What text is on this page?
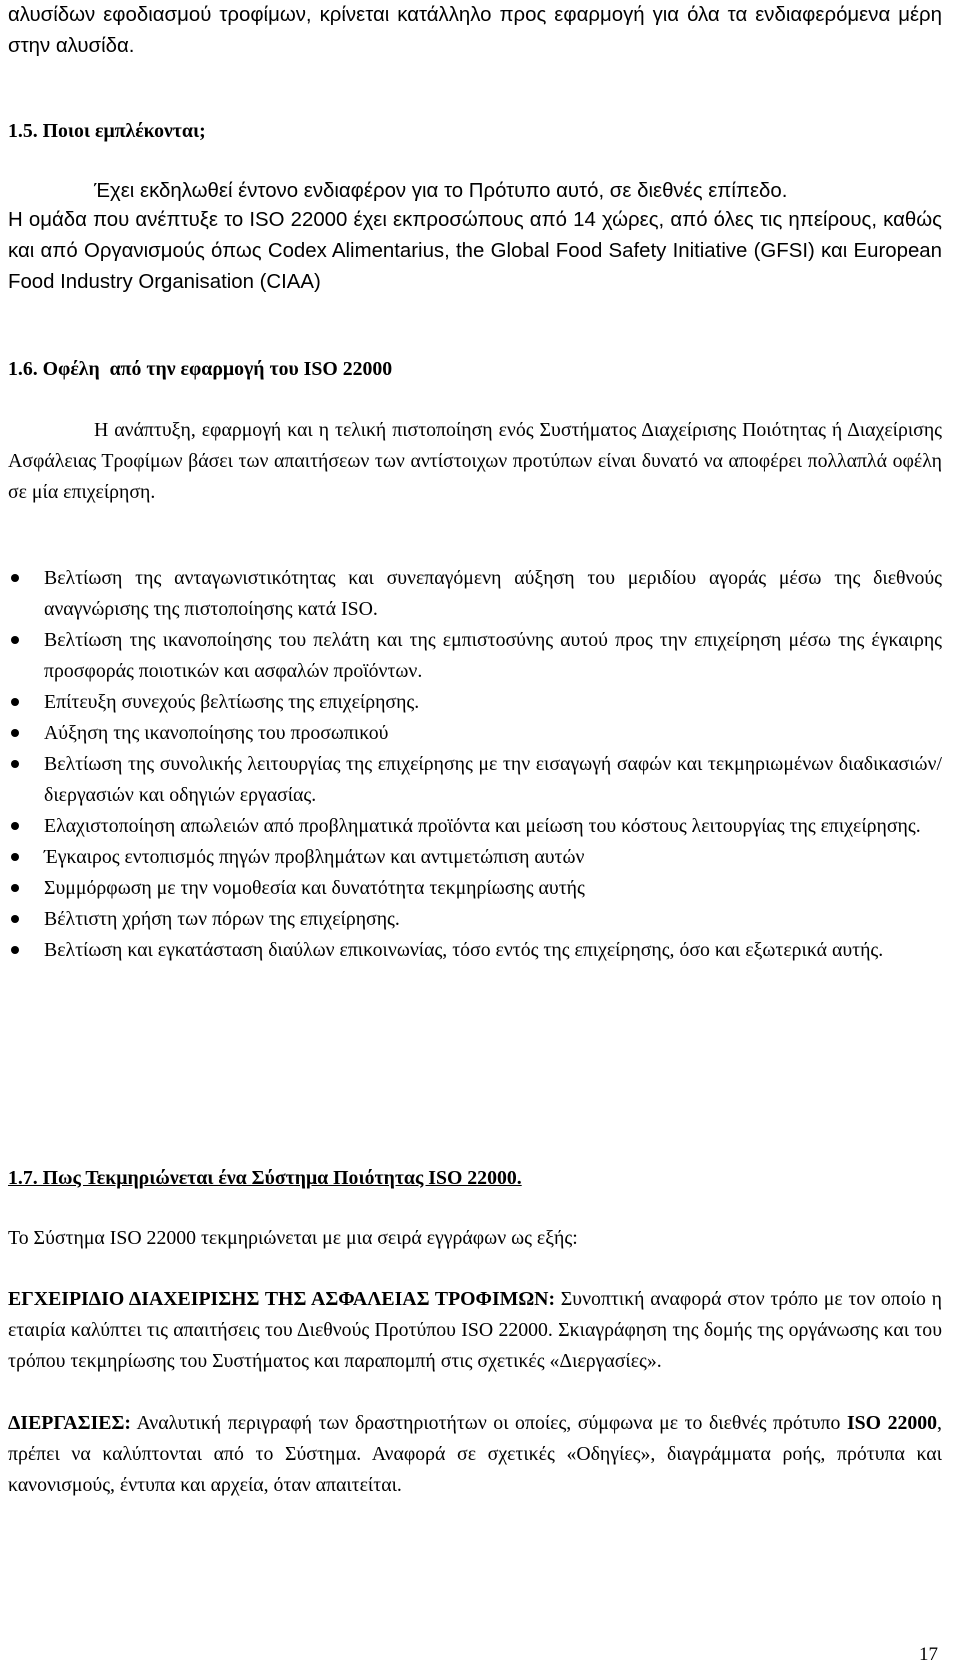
αλυσίδων εφοδιασμού τροφίμων, κρίνεται κατάλληλο προς εφαρμογή για όλα τα ενδιαφερόμενα μέρη στην αλυσίδα.

1.5. Ποιοι εμπλέκονται;

Έχει εκδηλωθεί έντονο ενδιαφέρον για το Πρότυπο αυτό, σε διεθνές επίπεδο.

Η ομάδα που ανέπτυξε το ISO 22000 έχει εκπροσώπους από 14 χώρες, από όλες τις ηπείρους, καθώς και από Οργανισμούς όπως Codex Alimentarius, the Global Food Safety Initiative (GFSI) και European Food Industry Organisation (CIAA)

1.6. Οφέλη  από την εφαρμογή του ISO 22000

Η ανάπτυξη, εφαρμογή και η τελική πιστοποίηση ενός Συστήματος Διαχείρισης Ποιότητας ή Διαχείρισης Ασφάλειας Τροφίμων βάσει των απαιτήσεων των αντίστοιχων προτύπων είναι δυνατό να αποφέρει πολλαπλά οφέλη σε μία επιχείρηση.

Βελτίωση της ανταγωνιστικότητας και συνεπαγόμενη αύξηση του μεριδίου αγοράς μέσω της διεθνούς αναγνώρισης της πιστοποίησης κατά ISO.
Βελτίωση της ικανοποίησης του πελάτη και της εμπιστοσύνης αυτού προς την επιχείρηση μέσω της έγκαιρης προσφοράς ποιοτικών και ασφαλών προϊόντων.
Επίτευξη συνεχούς βελτίωσης της επιχείρησης.
Αύξηση της ικανοποίησης του προσωπικού
Βελτίωση της συνολικής λειτουργίας της επιχείρησης με την εισαγωγή σαφών και τεκμηριωμένων διαδικασιών/ διεργασιών και οδηγιών εργασίας.
Ελαχιστοποίηση απωλειών από προβληματικά προϊόντα και μείωση του κόστους λειτουργίας της επιχείρησης.
Έγκαιρος εντοπισμός πηγών προβλημάτων και αντιμετώπιση αυτών
Συμμόρφωση με την νομοθεσία και δυνατότητα τεκμηρίωσης αυτής
Βέλτιστη χρήση των πόρων της επιχείρησης.
Βελτίωση και εγκατάσταση διαύλων επικοινωνίας, τόσο εντός της επιχείρησης, όσο και εξωτερικά αυτής.

1.7. Πως Τεκμηριώνεται ένα Σύστημα Ποιότητας ISO 22000.

Το Σύστημα ISO 22000 τεκμηριώνεται με μια σειρά εγγράφων ως εξής:

ΕΓΧΕΙΡΙΔΙΟ ΔΙΑΧΕΙΡΙΣΗΣ ΤΗΣ ΑΣΦΑΛΕΙΑΣ ΤΡΟΦΙΜΩΝ: Συνοπτική αναφορά στον τρόπο με τον οποίο η εταιρία καλύπτει τις απαιτήσεις του Διεθνούς Προτύπου ISO 22000. Σκιαγράφηση της δομής της οργάνωσης και του τρόπου τεκμηρίωσης του Συστήματος και παραπομπή στις σχετικές «Διεργασίες».

ΔΙΕΡΓΑΣΙΕΣ: Αναλυτική περιγραφή των δραστηριοτήτων οι οποίες, σύμφωνα με το διεθνές πρότυπο ISO 22000, πρέπει να καλύπτονται από το Σύστημα. Αναφορά σε σχετικές «Οδηγίες», διαγράμματα ροής, πρότυπα και κανονισμούς, έντυπα και αρχεία, όταν απαιτείται.

17
